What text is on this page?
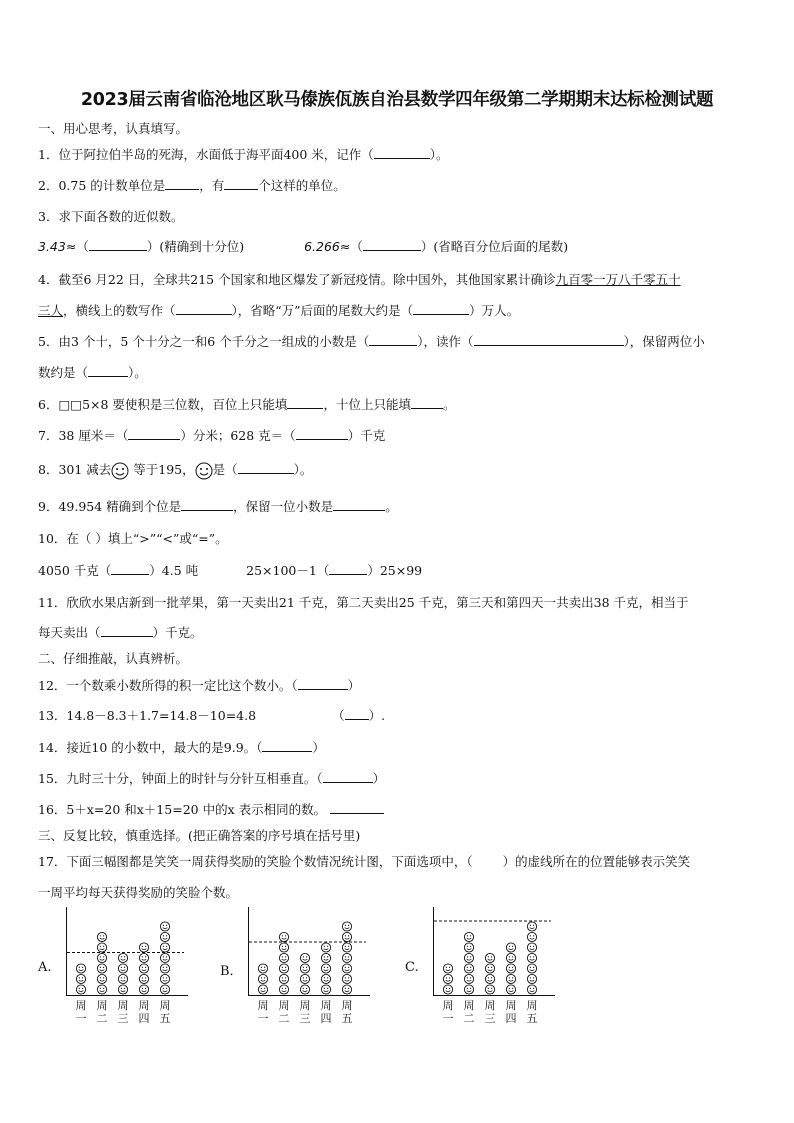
2023届云南省临沧地区耿马傣族佤族自治县数学四年级第二学期期末达标检测试题
一、用心思考，认真填写。
1．位于阿拉伯半岛的死海，水面低于海平面400 米，记作（	）。
2．0.75 的计数单位是	，有	个这样的单位。
3．求下面各数的近似数。
3.43≈（	）(精确到十分位)	6.266≈（	）(省略百分位后面的尾数)
4．截至6 月22 日，全球共215 个国家和地区爆发了新冠疫情。除中国外，其他国家累计确诊九百零一万八千零五十
三人，横线上的数写作（	），省略“万”后面的尾数大约是（	）万人。
5．由3 个十，5 个十分之一和6 个千分之一组成的小数是（	），读作（	），保留两位小
数约是（	）。
6．□□5×8 要使积是三位数，百位上只能填	，十位上只能填	。
7．38 厘米＝（	）分米；628 克＝（	）千克
8．301 减去
等于195， 是（	）。
9．49.954 精确到个位是	，保留一位小数是	。
10．在（ ）填上“>”“<”或“=”。
4050 千克（	）4.5 吨	25×100－1（	）25×99
11．欣欣水果店新到一批苹果，第一天卖出21 千克，第二天卖出25 千克，第三天和第四天一共卖出38 千克，相当于
每天卖出（	）千克。
二、仔细推敲，认真辨析。
12．一个数乘小数所得的积一定比这个数小。（	）
13．14.8－8.3＋1.7=14.8－10=4.8	（ ）.
14．接近10 的小数中，最大的是9.9。（	）
15．九时三十分，钟面上的时针与分针互相垂直。（	）
16．5＋x=20 和x＋15=20 中的x 表示相同的数。
三、反复比较，慎重选择。(把正确答案的序号填在括号里)
17．下面三幅图都是笑笑一周获得奖励的笑脸个数情况统计图，下面选项中，（ ）的虚线所在的位置能够表示笑笑
一周平均每天获得奖励的笑脸个数。
A.
周
一
周
二
周
三
周
四
周
五
B．
周
一
周
二
周
三
周
四
周
五
C.
周
一
周
二
周
三
周
四
周
五
